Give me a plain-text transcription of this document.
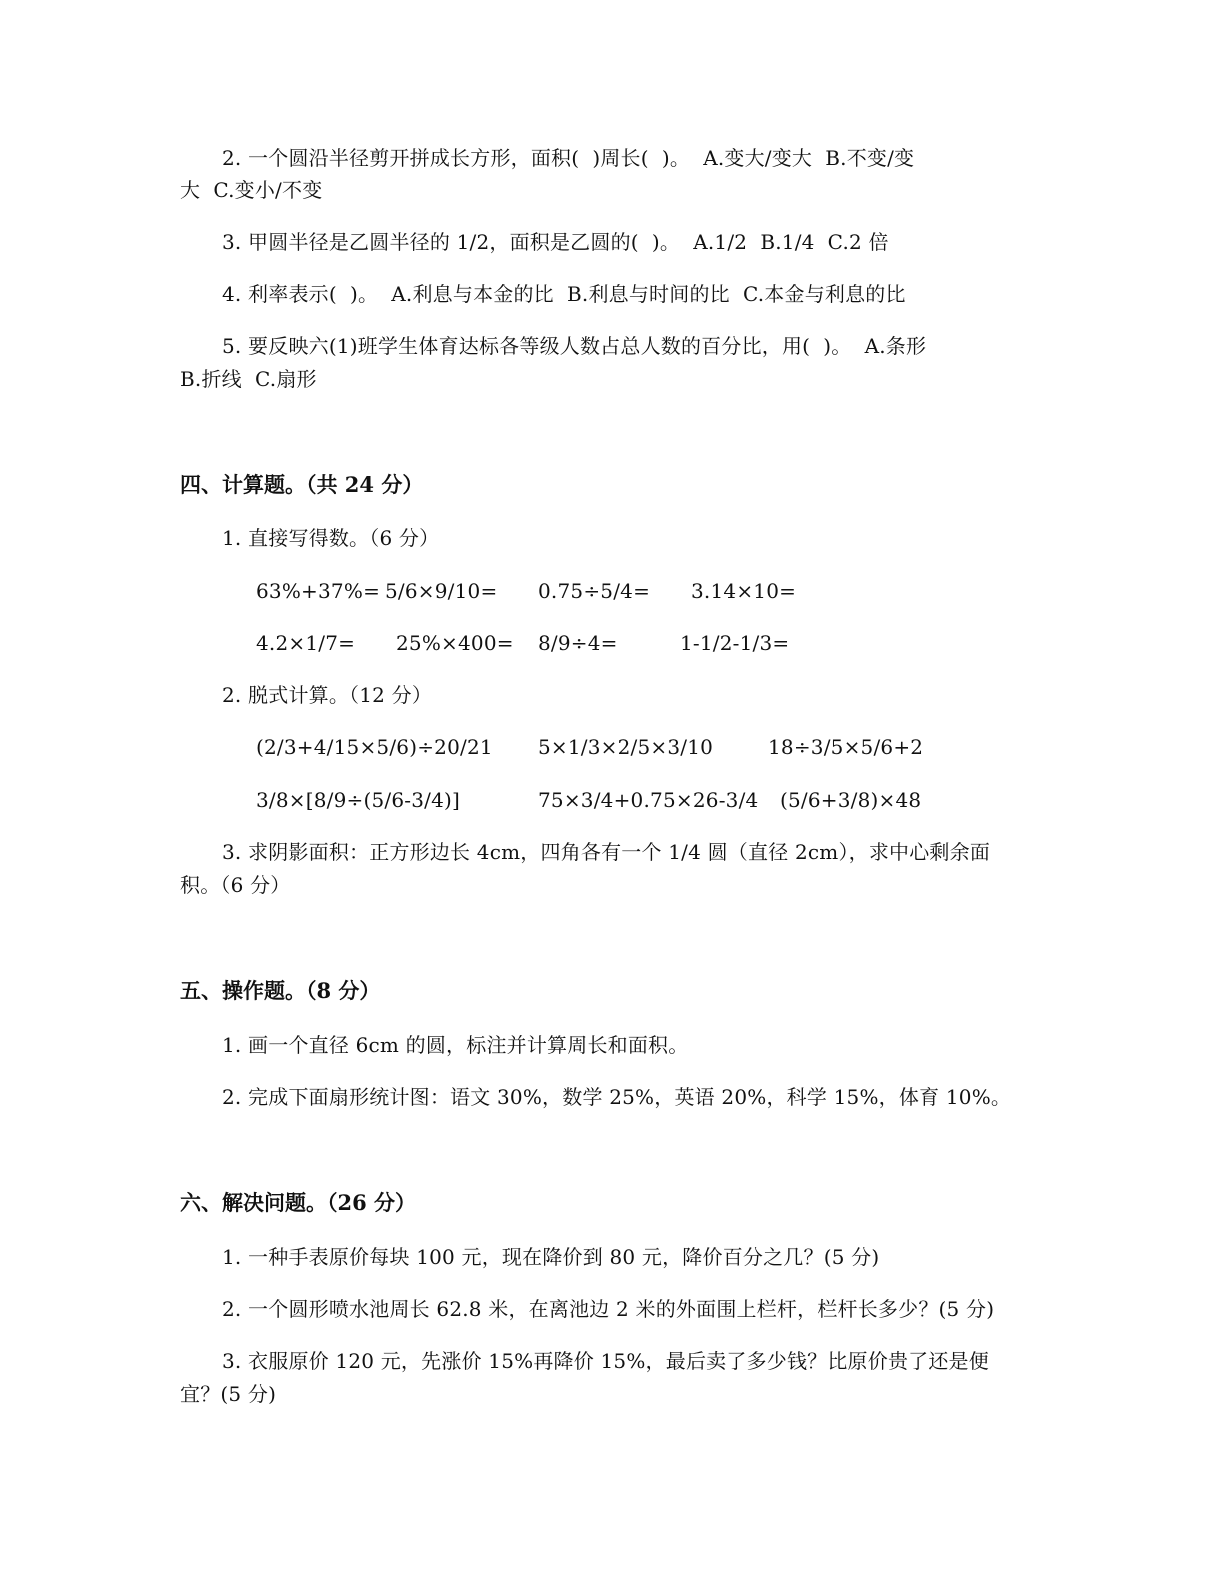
2. 一个圆沿半径剪开拼成长方形，面积(  )周长(  )。  A.变大/变大  B.不变/变
大  C.变小/不变
3. 甲圆半径是乙圆半径的 1/2，面积是乙圆的(  )。  A.1/2  B.1/4  C.2 倍
4. 利率表示(  )。  A.利息与本金的比  B.利息与时间的比  C.本金与利息的比
5. 要反映六(1)班学生体育达标各等级人数占总人数的百分比，用(  )。  A.条形
B.折线  C.扇形
四、计算题。（共 24 分）
1. 直接写得数。（6 分）
63%+37%= 5/6×9/10= 0.75÷5/4= 3.14×10=
4.2×1/7= 25%×400= 8/9÷4=	1-1/2-1/3=
2. 脱式计算。（12 分）
(2/3+4/15×5/6)÷20/21 5×1/3×2/5×3/10	18÷3/5×5/6+2
3/8×[8/9÷(5/6-3/4)]	75×3/4+0.75×26-3/4 (5/6+3/8)×48
3. 求阴影面积：正方形边长 4cm，四角各有一个 1/4 圆（直径 2cm），求中心剩余面
积。（6 分）
五、操作题。（8 分）
1. 画一个直径 6cm 的圆，标注并计算周长和面积。
2. 完成下面扇形统计图：语文 30%，数学 25%，英语 20%，科学 15%，体育 10%。
六、解决问题。（26 分）
1. 一种手表原价每块 100 元，现在降价到 80 元，降价百分之几？(5 分)
2. 一个圆形喷水池周长 62.8 米，在离池边 2 米的外面围上栏杆，栏杆长多少？(5 分)
3. 衣服原价 120 元，先涨价 15%再降价 15%，最后卖了多少钱？比原价贵了还是便
宜？(5 分)
